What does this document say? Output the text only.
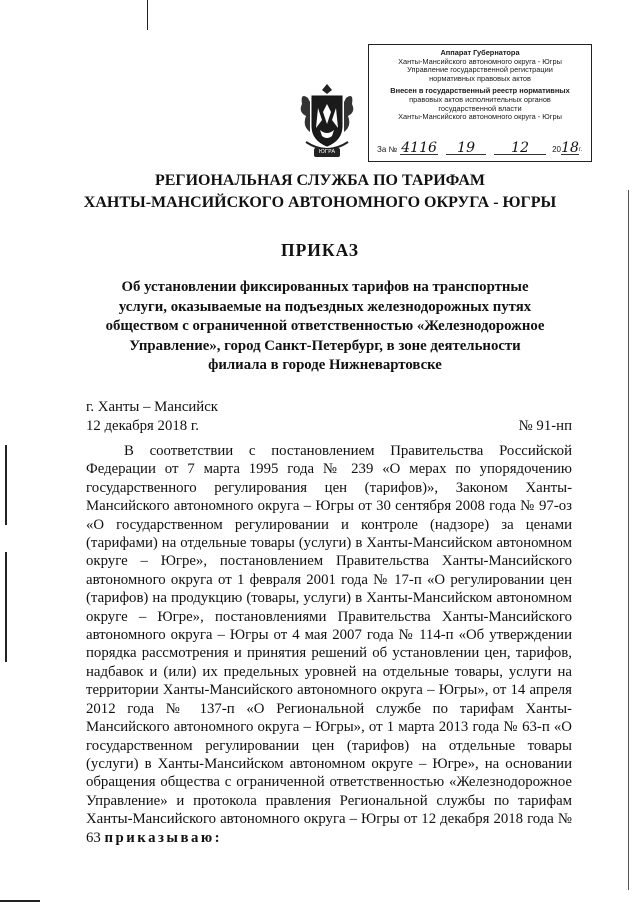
Аппарат Губернатора
Ханты-Мансийского автономного округа - Югры
Управление государственной регистрации
нормативных правовых актов
Внесен в государственный реестр нормативных
правовых актов исполнительных органов
государственной власти
Ханты-Мансийского автономного округа - Югры
За № 4116	19	12	20 18 г.
ЮГРА
РЕГИОНАЛЬНАЯ СЛУЖБА ПО ТАРИФАМ
ХАНТЫ-МАНСИЙСКОГО АВТОНОМНОГО ОКРУГА - ЮГРЫ
ПРИКАЗ
Об установлении фиксированных тарифов на транспортные услуги, оказываемые на подъездных железнодорожных путях обществом с ограниченной ответственностью «Железнодорожное Управление», город Санкт-Петербург, в зоне деятельности филиала в городе Нижневартовске
г. Ханты – Мансийск
12 декабря 2018 г.	№ 91-нп
В соответствии с постановлением Правительства Российской Федерации от 7 марта 1995 года № 239 «О мерах по упорядочению государственного регулирования цен (тарифов)», Законом Ханты-Мансийского автономного округа – Югры от 30 сентября 2008 года № 97-оз «О государственном регулировании и контроле (надзоре) за ценами (тарифами) на отдельные товары (услуги) в Ханты-Мансийском автономном округе – Югре», постановлением Правительства Ханты-Мансийского автономного округа от 1 февраля 2001 года № 17-п «О регулировании цен (тарифов) на продукцию (товары, услуги) в Ханты-Мансийском автономном округе – Югре», постановлениями Правительства Ханты-Мансийского автономного округа – Югры от 4 мая 2007 года № 114-п «Об утверждении порядка рассмотрения и принятия решений об установлении цен, тарифов, надбавок и (или) их предельных уровней на отдельные товары, услуги на территории Ханты-Мансийского автономного округа – Югры», от 14 апреля 2012 года № 137-п «О Региональной службе по тарифам Ханты-Мансийского автономного округа – Югры», от 1 марта 2013 года № 63-п «О государственном регулировании цен (тарифов) на отдельные товары (услуги) в Ханты-Мансийском автономном округе – Югре», на основании обращения общества с ограниченной ответственностью «Железнодорожное Управление» и протокола правления Региональной службы по тарифам Ханты-Мансийского автономного округа – Югры от 12 декабря 2018 года № 63 приказываю:
